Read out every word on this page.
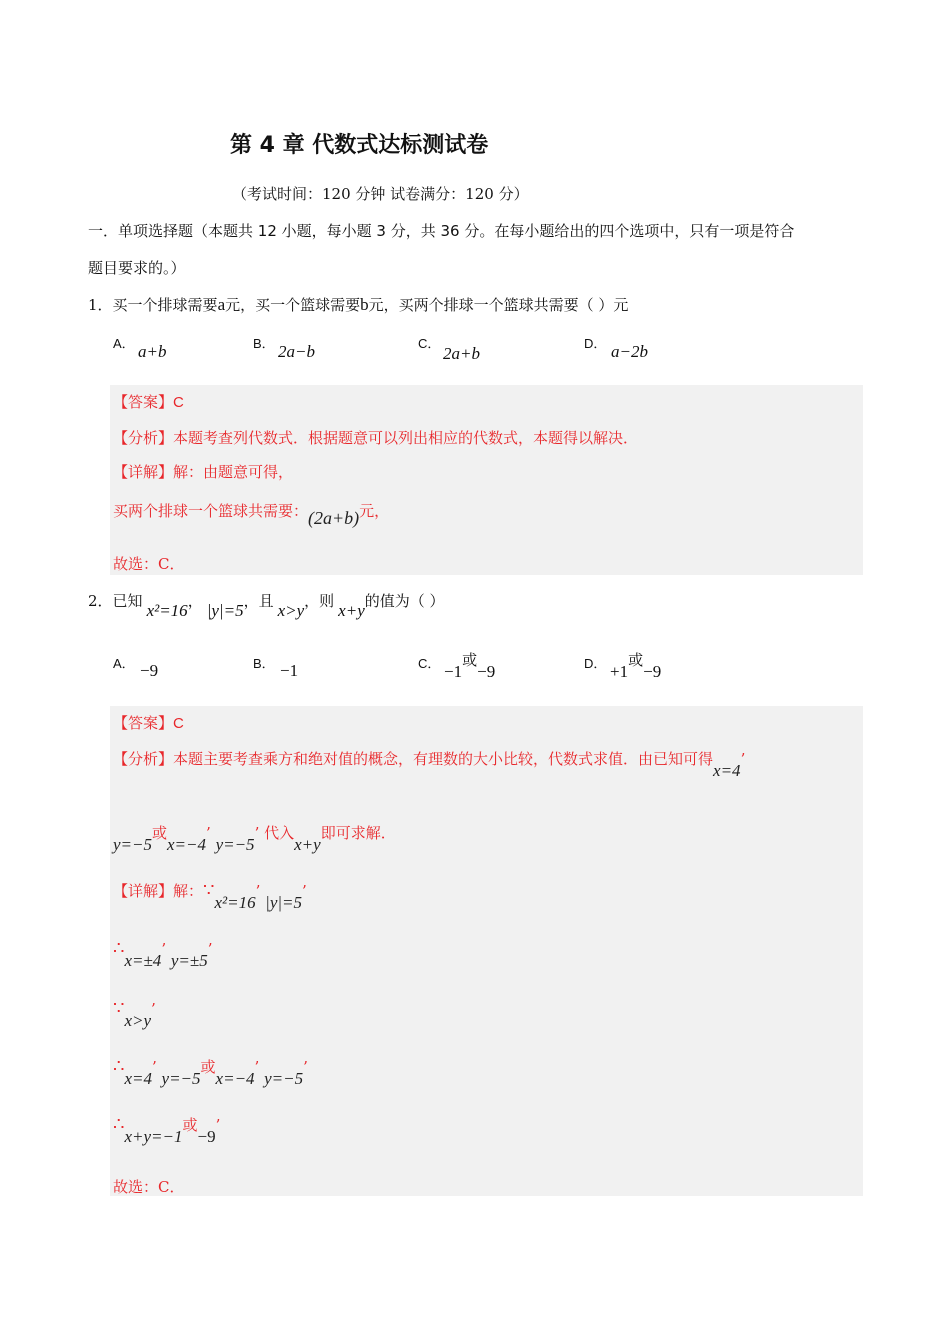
第 4 章 代数式达标测试卷
（考试时间：120 分钟 试卷满分：120 分）
一．单项选择题（本题共 12 小题，每小题 3 分，共 36 分。在每小题给出的四个选项中，只有一项是符合
题目要求的。）
1．买一个排球需要a元，买一个篮球需要b元，买两个排球一个篮球共需要（ ）元
A． a+b	B． 2a−b	C．
2a+b
D． a−2b
【答案】C
【分析】本题考查列代数式．根据题意可以列出相应的代数式，本题得以解决．
【详解】解：由题意可得，
买两个排球一个篮球共需要：(2a+b)元，
故选：C．
2．已知 x²=16， |y|=5，且 x>y，则 x+y的值为（ ）
A． −9	B． −1	C． −1或−9	D． +1或−9
【答案】C
【分析】本题主要考查乘方和绝对值的概念，有理数的大小比较，代数式求值．由已知可得x=4’
y=−5或x=−4’ y=−5’ 代入x+y即可求解．
【详解】解：∵x²=16’ |y|=5’
∴x=±4’ y=±5’
∵x>y’
∴x=4’ y=−5或x=−4’ y=−5’
∴x+y=−1或−9’
故选：C．
